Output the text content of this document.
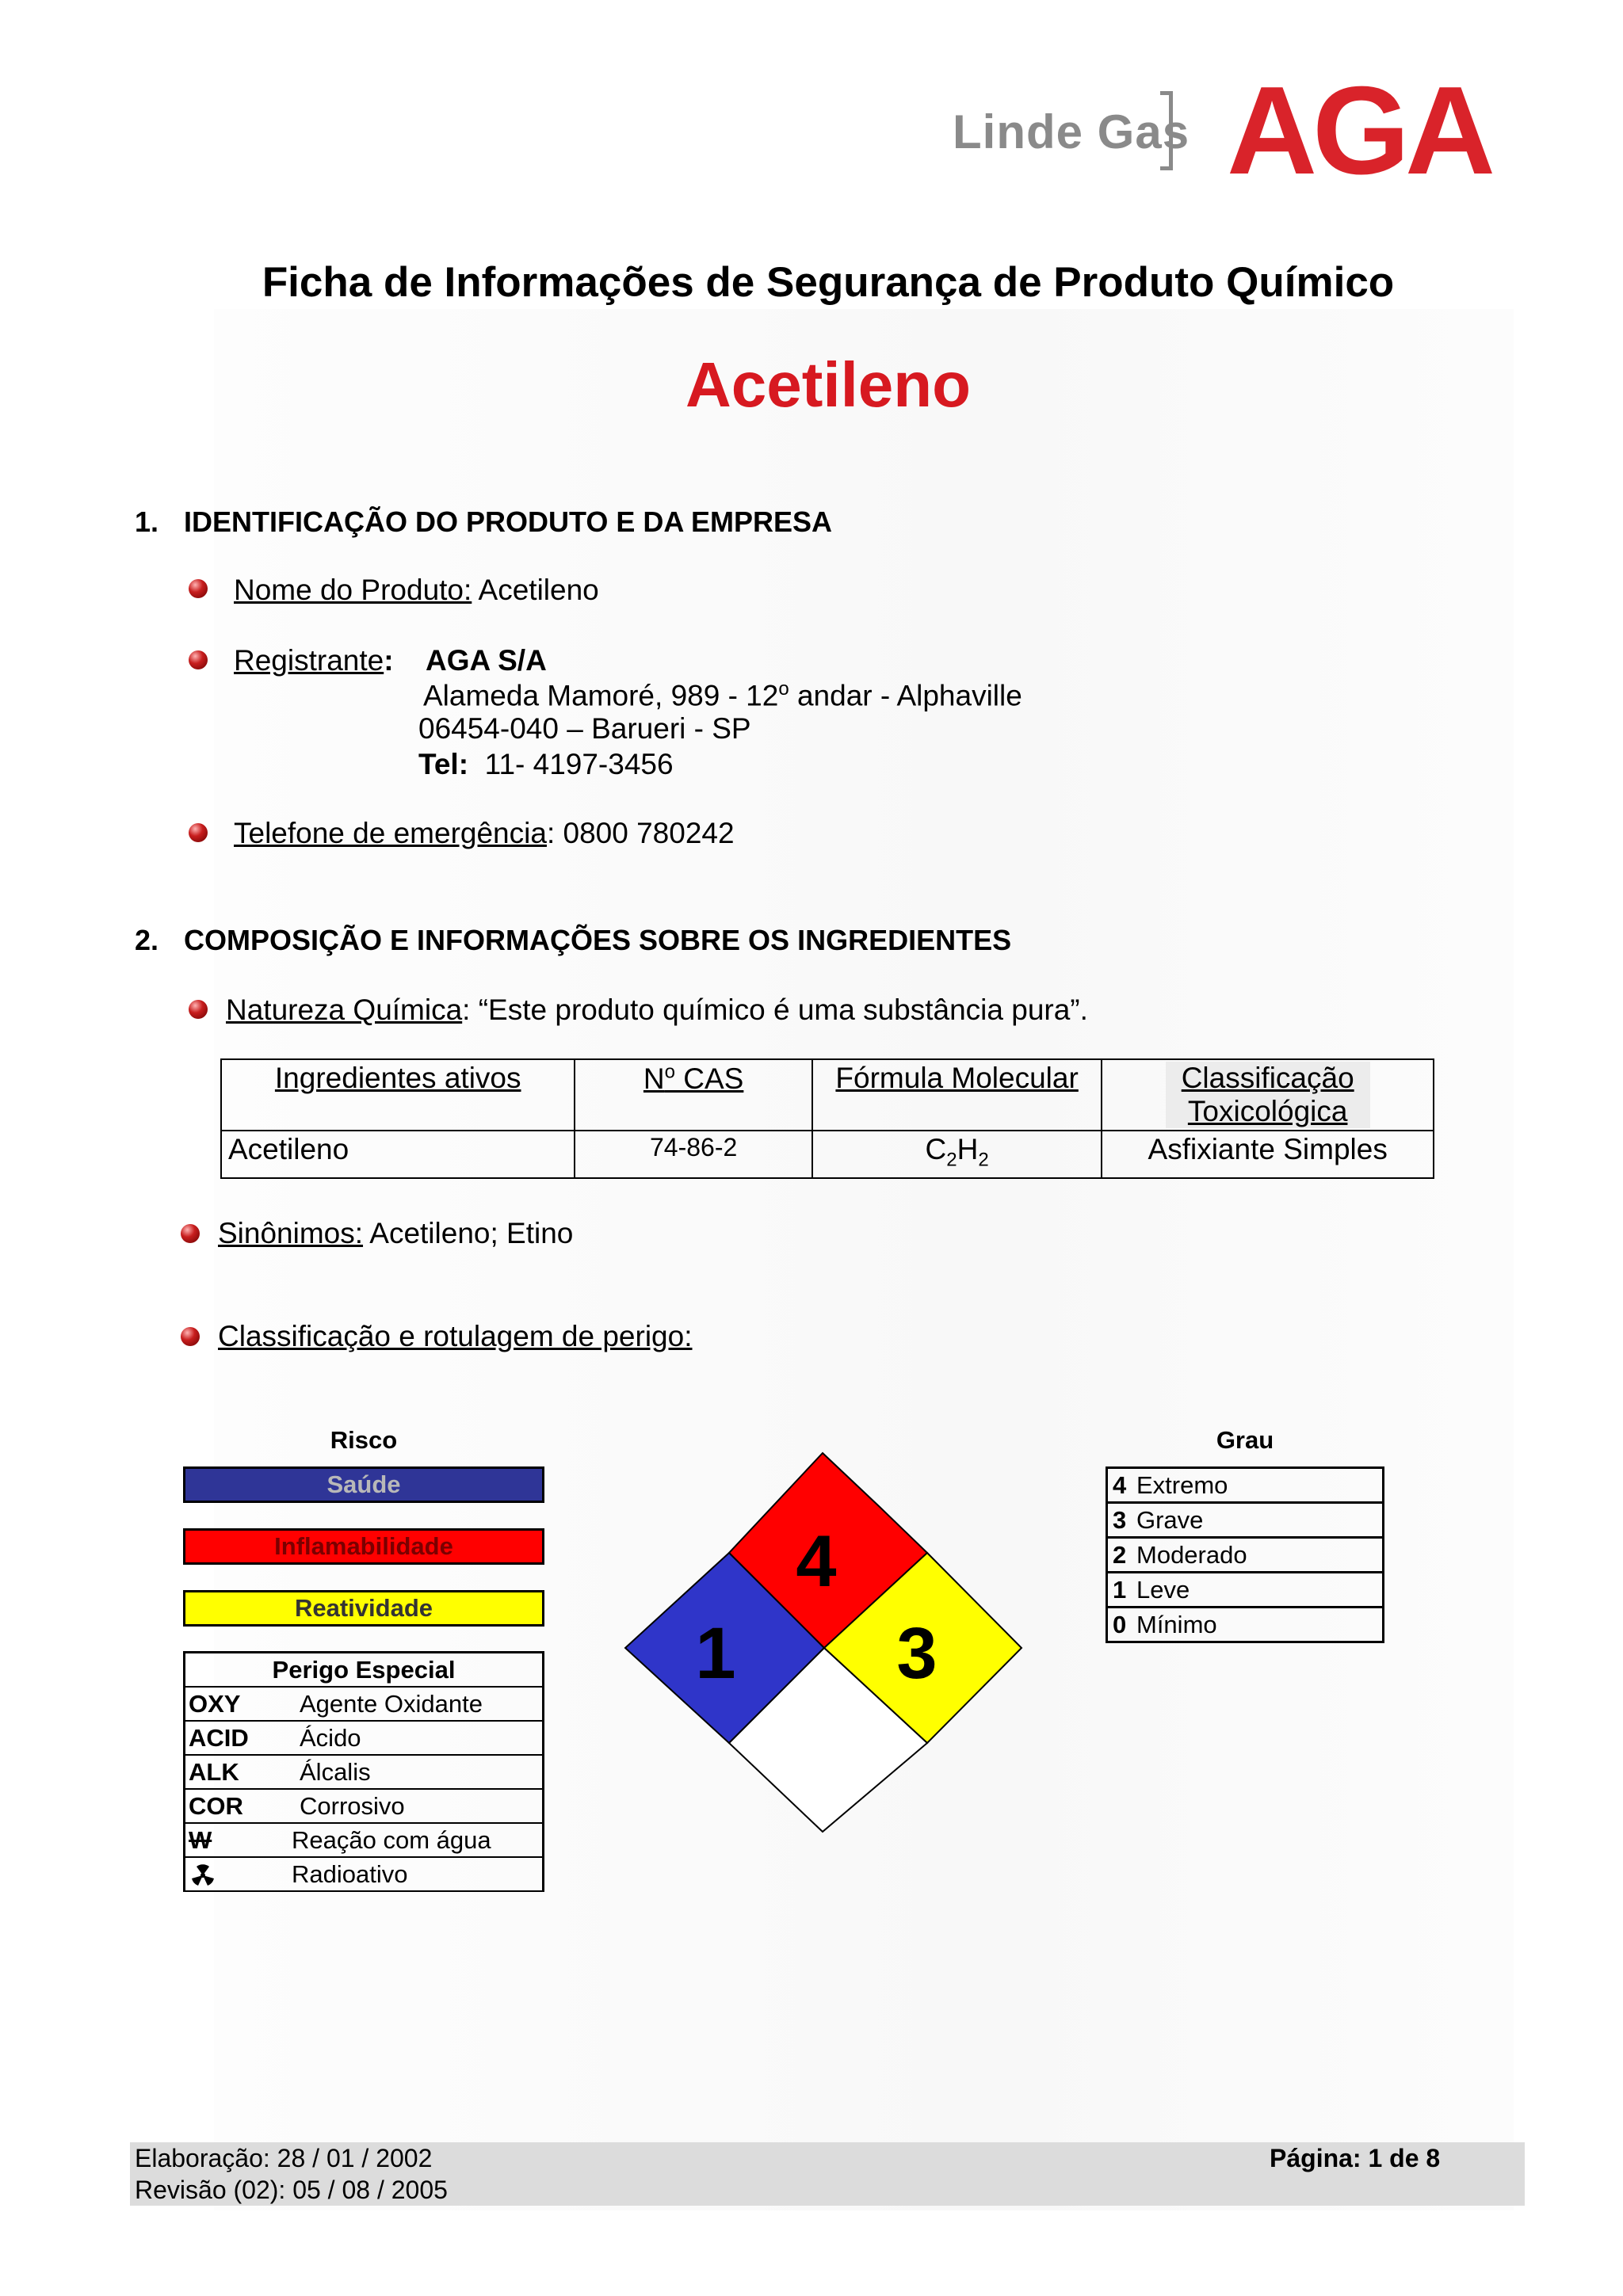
Linde Gas AGA
Ficha de Informações de Segurança de Produto Químico
Acetileno
1. IDENTIFICAÇÃO DO PRODUTO E DA EMPRESA
Nome do Produto: Acetileno
Registrante: AGA S/A
Alameda Mamoré, 989 - 12$^o$ andar - Alphaville
06454-040 – Barueri - SP
Tel: 11- 4197-3456
Telefone de emergência: 0800 780242
2. COMPOSIÇÃO E INFORMAÇÕES SOBRE OS INGREDIENTES
Natureza Química: “Este produto químico é uma substância pura”.
Ingredientes ativos	$N^o$ CAS	Fórmula Molecular	Classificação
Toxicológica
Acetileno	74-86-2	$C_2H_2$	Asfixiante Simples
Sinônimos: Acetileno; Etino
Classificação e rotulagem de perigo:
Risco
Saúde
Inflamabilidade
Reatividade
Perigo Especial
OXY Agente Oxidante
ACID Ácido
ALK Álcalis
COR Corrosivo
W	Reação com água
Radioativo
4
1 3
Grau
4 Extremo
3 Grave
2 Moderado
1 Leve
0 Mínimo
Elaboração: 28 / 01 / 2002
Revisão (02): 05 / 08 / 2005
Página: 1 de 8
